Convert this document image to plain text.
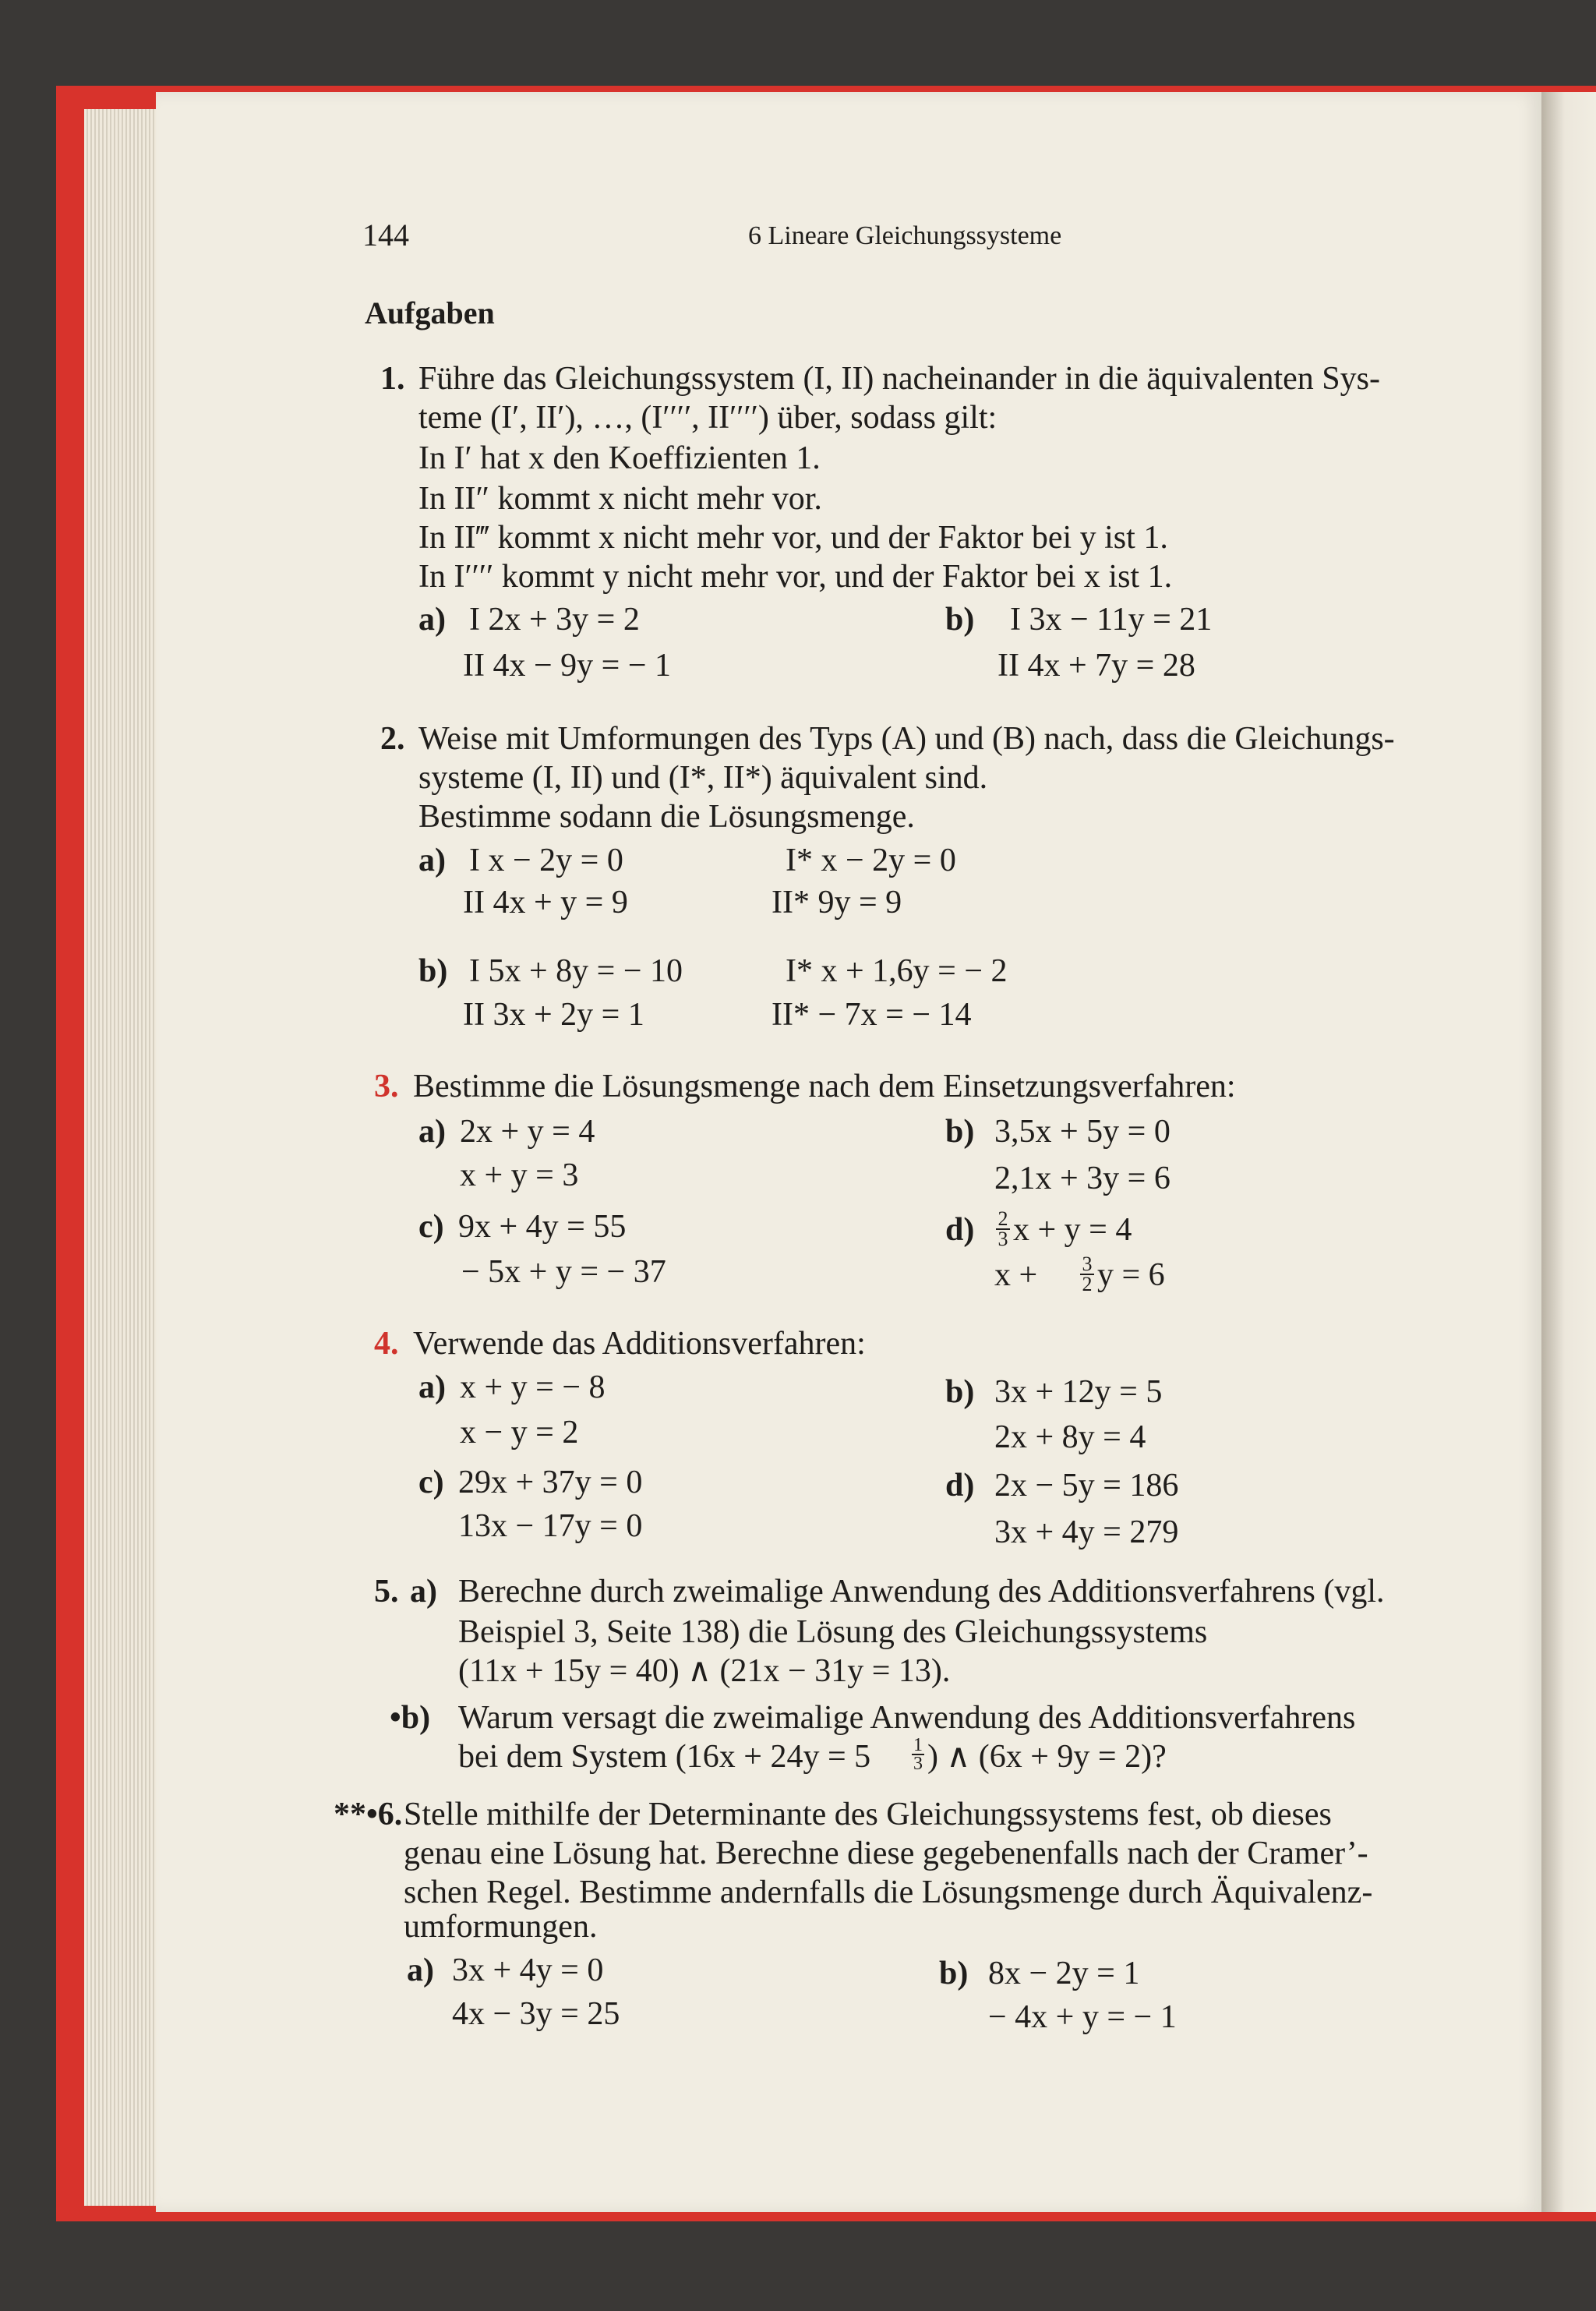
144	6 Lineare Gleichungssysteme
Aufgaben
1. Führe das Gleichungssystem (I, II) nacheinander in die äquivalenten Sys-
teme (I′, II′), …, (I′′′′, II′′′′) über, sodass gilt:
In I′ hat x den Koeffizienten 1.
In II″ kommt x nicht mehr vor.
In II‴ kommt x nicht mehr vor, und der Faktor bei y ist 1.
In I′′′′ kommt y nicht mehr vor, und der Faktor bei x ist 1.
a) I 2x + 3y = 2
II 4x − 9y = − 1
b) I 3x − 11y = 21
II 4x + 7y = 28
2. Weise mit Umformungen des Typs (A) und (B) nach, dass die Gleichungs-
systeme (I, II) und (I*, II*) äquivalent sind.
Bestimme sodann die Lösungsmenge.
a) I x − 2y = 0
II 4x + y = 9
I* x − 2y = 0
II* 9y = 9
b) I 5x + 8y = − 10
II 3x + 2y = 1
I* x + 1,6y = − 2
II* − 7x = − 14
3. Bestimme die Lösungsmenge nach dem Einsetzungsverfahren:
a) 2x + y = 4
x + y = 3
b) 3,5x + 5y = 0
2,1x + 3y = 6
c) 9x + 4y = 55
− 5x + y = − 37
$d) \frac{2}{3}$ x + y = 4
$x + \frac{3}{2}$ y = 6
4. Verwende das Additionsverfahren:
a) x + y = − 8
x − y = 2
b) 3x + 12y = 5
2x + 8y = 4
c) 29x + 37y = 0
13x − 17y = 0
d) 2x − 5y = 186
3x + 4y = 279
5. a) Berechne durch zweimalige Anwendung des Additionsverfahrens (vgl.
Beispiel 3, Seite 138) die Lösung des Gleichungssystems
(11x + 15y = 40) ∧ (21x − 31y = 13).
•b) Warum versagt die zweimalige Anwendung des Additionsverfahrens
bei dem System ($16x + 24y = 5 \frac{1}{3}$ ) ∧ (6x + 9y = 2)?
**•6. Stelle mithilfe der Determinante des Gleichungssystems fest, ob dieses
genau eine Lösung hat. Berechne diese gegebenenfalls nach der Cramer’-
schen Regel. Bestimme andernfalls die Lösungsmenge durch Äquivalenz-
umformungen.
a) 3x + 4y = 0
4x − 3y = 25
b) 8x − 2y = 1
− 4x + y = − 1
